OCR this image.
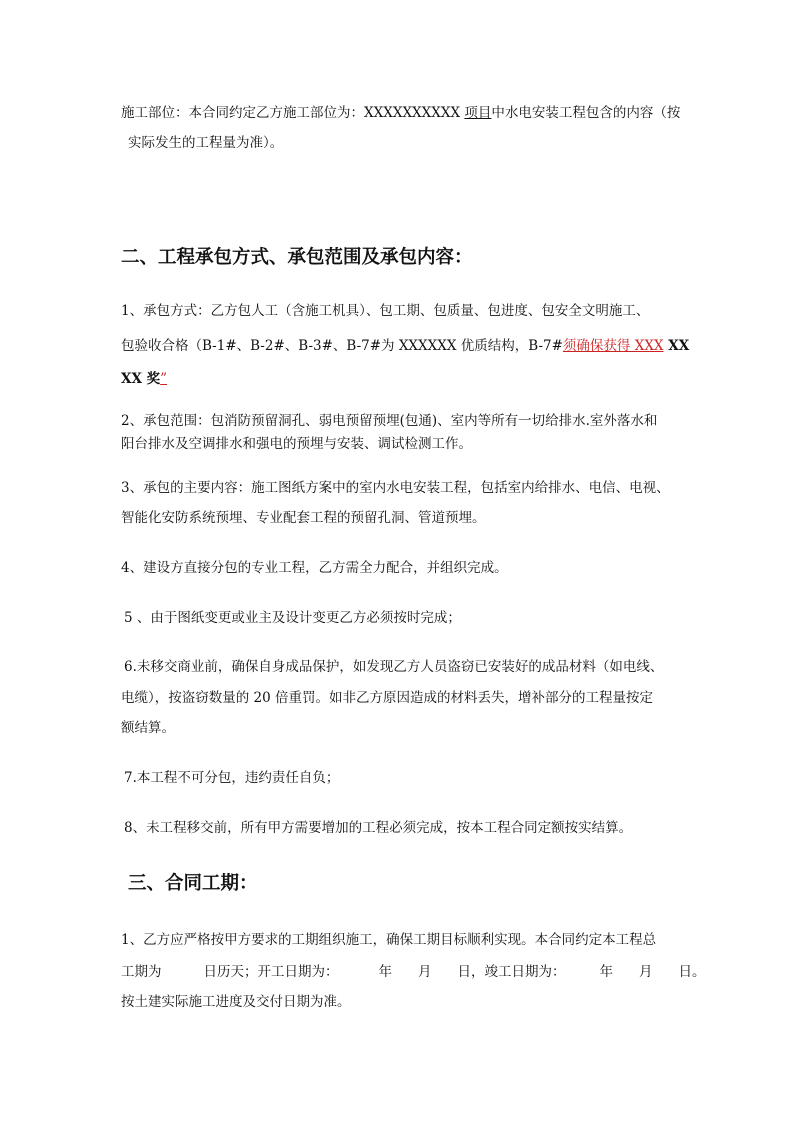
施工部位：本合同约定乙方施工部位为：XXXXXXXXXX 项目中水电安装工程包含的内容（按
实际发生的工程量为准）。
二、工程承包方式、承包范围及承包内容：
1、承包方式：乙方包人工（含施工机具）、包工期、包质量、包进度、包安全文明施工、
包验收合格（B-1#、B-2#、B-3#、B-7#为 XXXXXX 优质结构，B-7#须确保获得 XXX XX
XX 奖”
2、承包范围：包消防预留洞孔、弱电预留预埋(包通)、室内等所有一切给排水.室外落水和
阳台排水及空调排水和强电的预埋与安装、调试检测工作。
3、承包的主要内容：施工图纸方案中的室内水电安装工程，包括室内给排水、电信、电视、
智能化安防系统预埋、专业配套工程的预留孔洞、管道预埋。
4、建设方直接分包的专业工程，乙方需全力配合，并组织完成。
5 、由于图纸变更或业主及设计变更乙方必须按时完成；
6.未移交商业前，确保自身成品保护，如发现乙方人员盗窃已安装好的成品材料（如电线、
电缆），按盗窃数量的 20 倍重罚。如非乙方原因造成的材料丢失，增补部分的工程量按定
额结算。
7.本工程不可分包，违约责任自负；
8、未工程移交前，所有甲方需要增加的工程必须完成，按本工程合同定额按实结算。
三、合同工期：
1、乙方应严格按甲方要求的工期组织施工，确保工期目标顺利实现。本合同约定本工程总
工期为	日历天；开工日期为：	年 月 日，竣工日期为：	年 月 日。
按土建实际施工进度及交付日期为准。
